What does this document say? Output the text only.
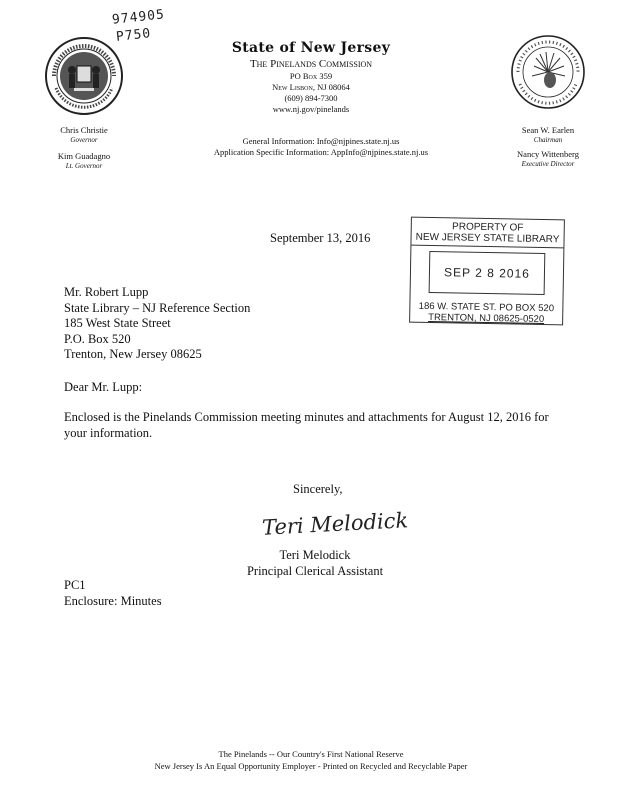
974905
P750
State of New Jersey
The Pinelands Commission
PO Box 359
New Lisbon, NJ 08064
(609) 894-7300
www.nj.gov/pinelands
General Information: Info@njpines.state.nj.us
Application Specific Information: AppInfo@njpines.state.nj.us
Chris Christie
Governor
Kim Guadagno
Lt. Governor
Sean W. Earlen
Chairman
Nancy Wittenberg
Executive Director
September 13, 2016
PROPERTY OF
NEW JERSEY STATE LIBRARY
SEP 2 8 2016
186 W. STATE ST. PO BOX 520
TRENTON, NJ 08625-0520
Mr. Robert Lupp
State Library – NJ Reference Section
185 West State Street
P.O. Box 520
Trenton, New Jersey 08625
Dear Mr. Lupp:
Enclosed is the Pinelands Commission meeting minutes and attachments for August 12, 2016 for your information.
Sincerely,
Teri Melodick
Teri Melodick
Principal Clerical Assistant
PC1
Enclosure: Minutes
The Pinelands -- Our Country's First National Reserve
New Jersey Is An Equal Opportunity Employer - Printed on Recycled and Recyclable Paper
